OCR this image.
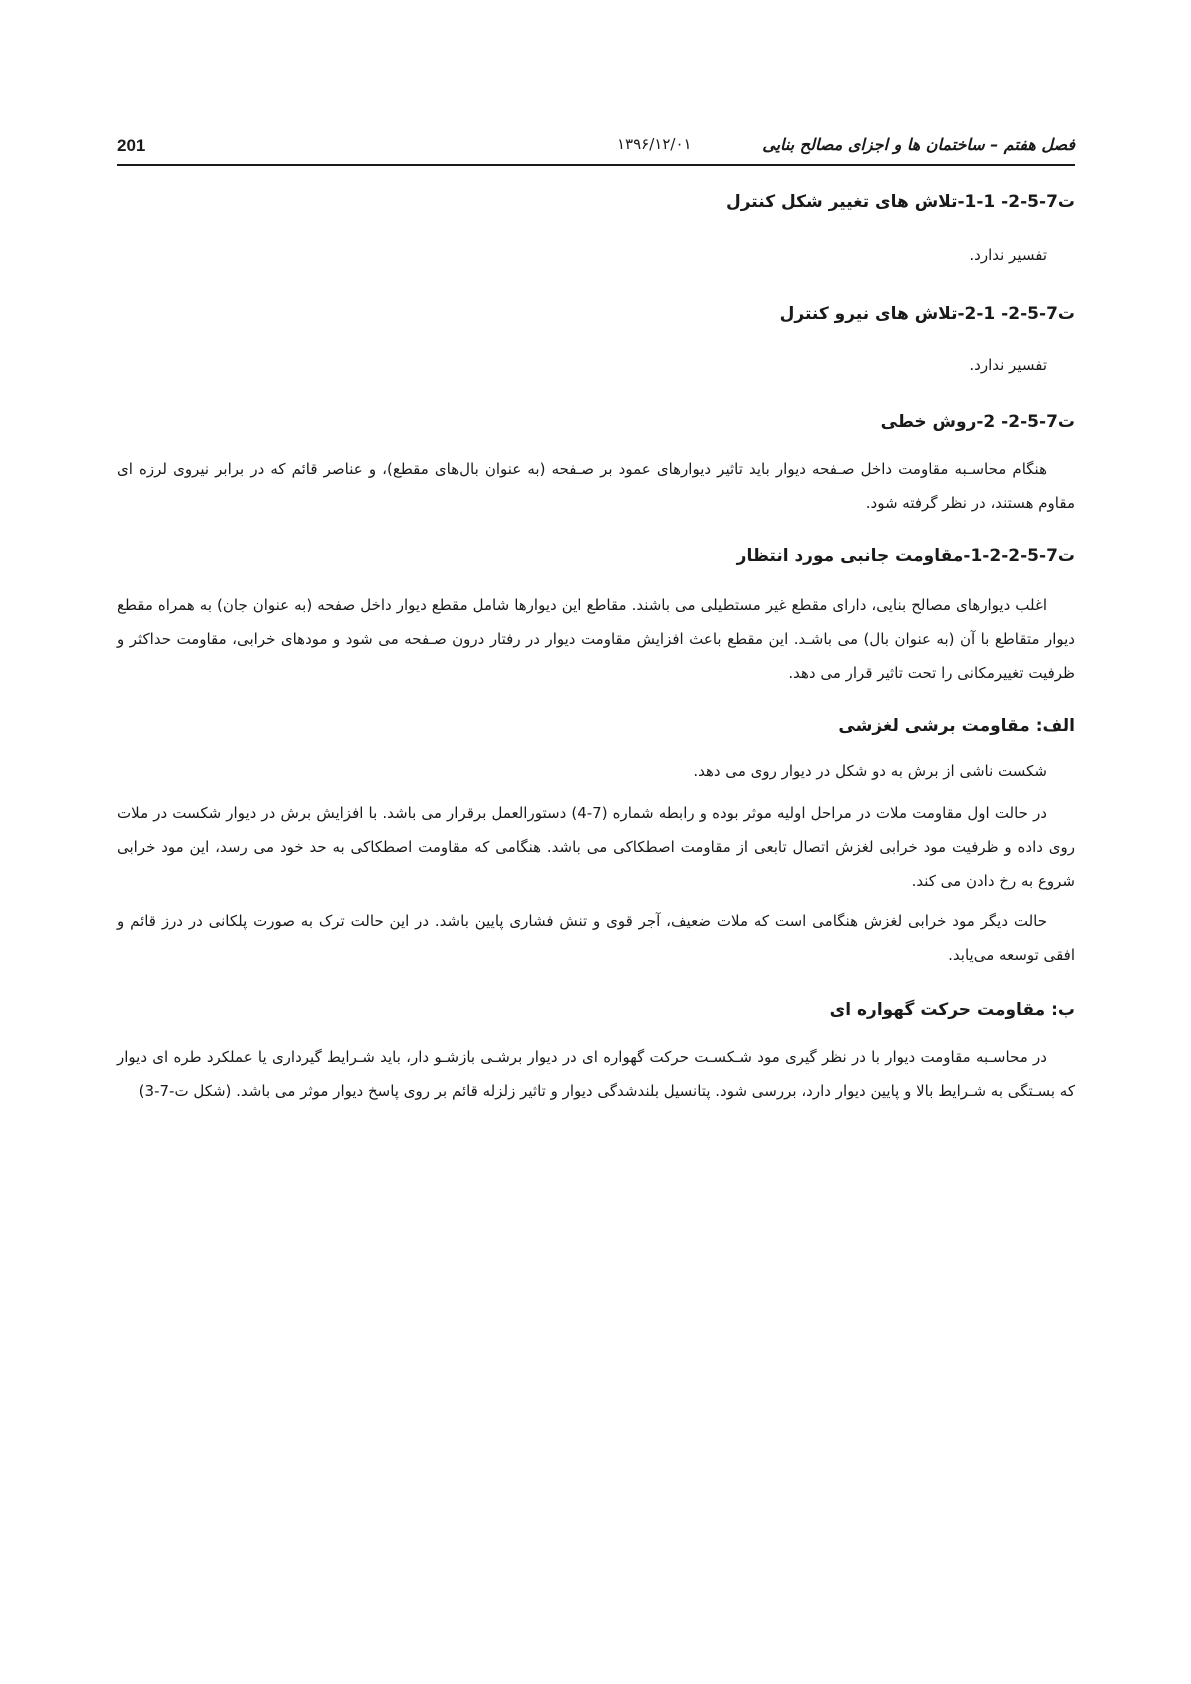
201	۱۳۹۶/۱۲/۰۱	فصل هفتم – ساختمان ها و اجزای مصالح بنایی
ت7-5-2- 1-1-تلاش های تغییر شکل کنترل

تفسیر ندارد.

ت7-5-2- 1-2-تلاش های نیرو کنترل

تفسیر ندارد.

ت7-5-2- 2-روش خطی

هنگام محاسـبه مقاومت داخل صـفحه دیوار باید تاثیر دیوارهای عمود بر صـفحه (به عنوان بال‌های مقطع)، و عناصر قائم که در برابر نیروی لرزه ای مقاوم هستند، در نظر گرفته شود.

ت7-5-2-2-1-مقاومت جانبی مورد انتظار

اغلب دیوارهای مصالح بنایی، دارای مقطع غیر مستطیلی می باشند. مقاطع این دیوارها شامل مقطع دیوار داخل صفحه (به عنوان جان) به همراه مقطع دیوار متقاطع با آن (به عنوان بال) می باشـد. این مقطع باعث افزایش مقاومت دیوار در رفتار درون صـفحه می شود و مودهای خرابی، مقاومت حداکثر و ظرفیت تغییرمکانی را تحت تاثیر قرار می دهد.

الف: مقاومت برشی لغزشی

شکست ناشی از برش به دو شکل در دیوار روی می دهد.

در حالت اول مقاومت ملات در مراحل اولیه موثر بوده و رابطه شماره (7-4) دستورالعمل برقرار می باشد. با افزایش برش در دیوار شکست در ملات روی داده و ظرفیت مود خرابی لغزش اتصال تابعی از مقاومت اصطکاکی می باشد. هنگامی که مقاومت اصطکاکی به حد خود می رسد، این مود خرابی شروع به رخ دادن می کند.

حالت دیگر مود خرابی لغزش هنگامی است که ملات ضعیف، آجر قوی و تنش فشاری پایین باشد. در این حالت ترک به صورت پلکانی در درز قائم و افقی توسعه می‌یابد.

ب: مقاومت حرکت گهواره ای

در محاسـبه مقاومت دیوار با در نظر گیری مود شـکسـت حرکت گهواره ای در دیوار برشـی بازشـو دار، باید شـرایط گیرداری یا عملکرد طره ای دیوار که بسـتگی به شـرایط بالا و پایین دیوار دارد، بررسی شود. پتانسیل بلندشدگی دیوار و تاثیر زلزله قائم بر روی پاسخ دیوار موثر می باشد. (شکل ت-7-3)
